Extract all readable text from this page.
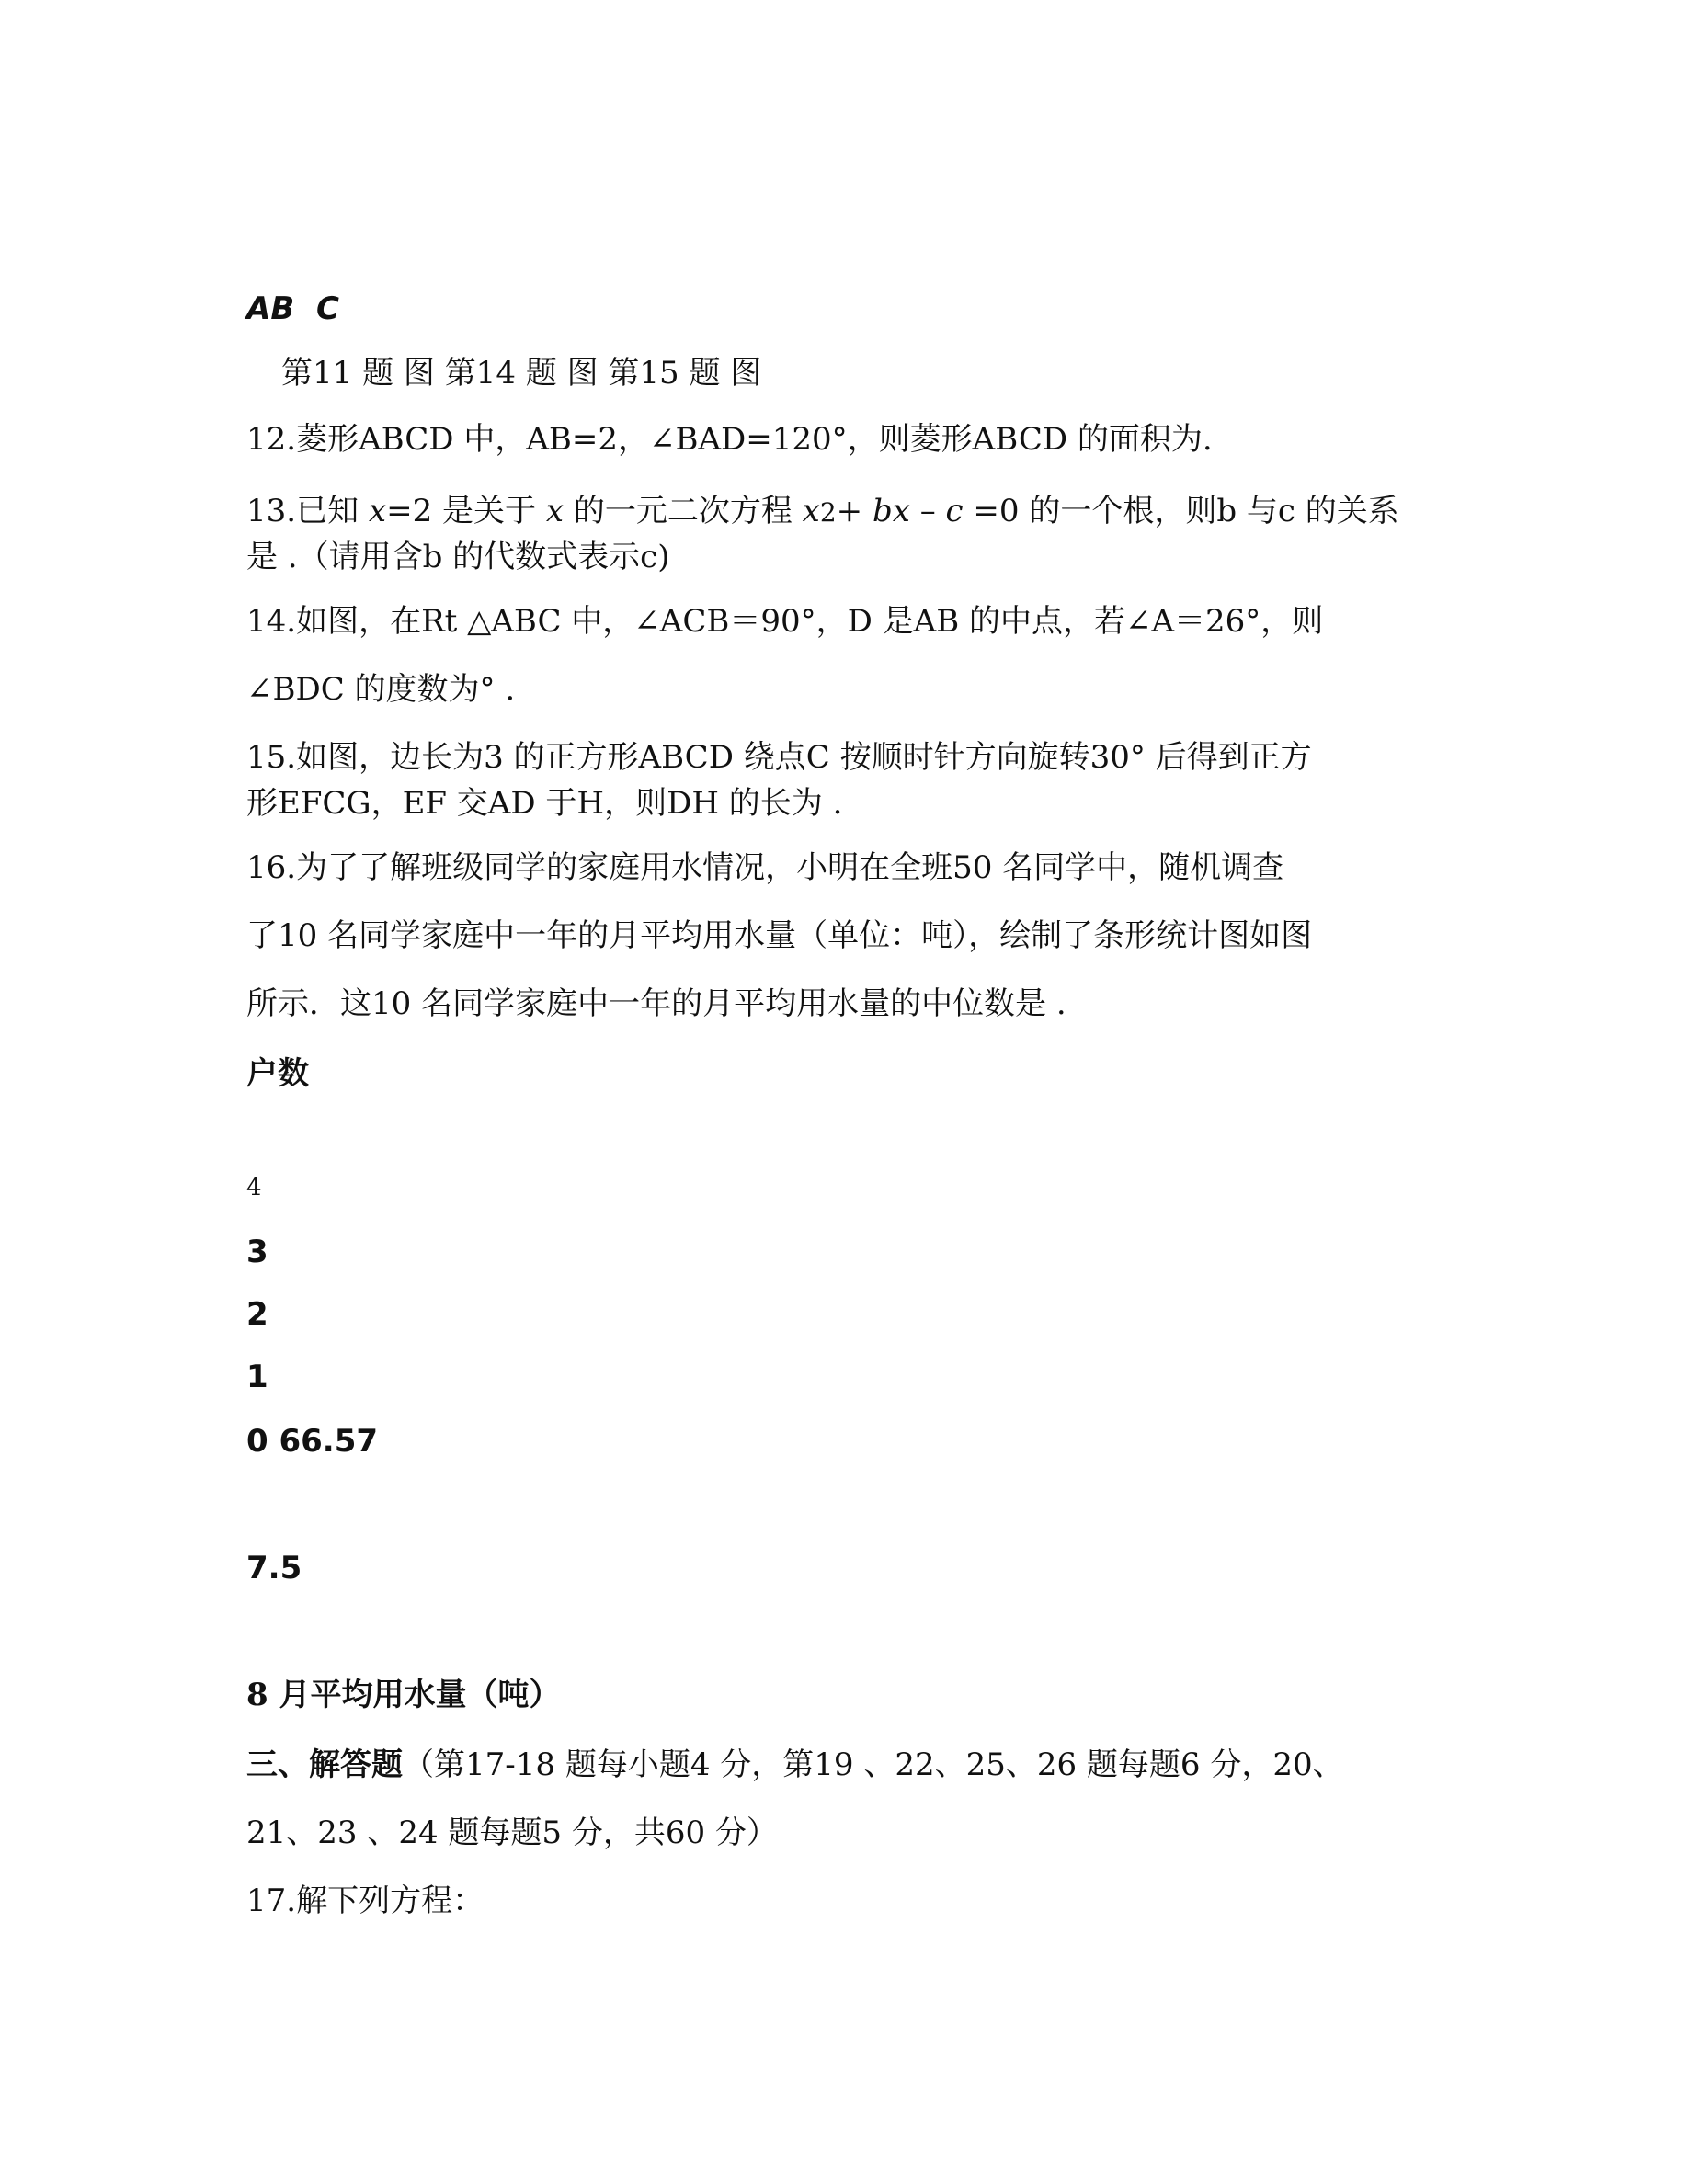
AB C
第11 题 图 第14 题 图 第15 题 图
12.菱形ABCD 中，AB=2，∠BAD=120°，则菱形ABCD 的面积为.
13.已知 x=2 是关于 x 的一元二次方程 x2+ bx – c =0 的一个根，则b 与c 的关系
是 .（请用含b 的代数式表示c)
14.如图，在Rt △ABC 中，∠ACB＝90°，D 是AB 的中点，若∠A＝26°，则
∠BDC 的度数为° .
15.如图，边长为3 的正方形ABCD 绕点C 按顺时针方向旋转30° 后得到正方
形EFCG，EF 交AD 于H，则DH 的长为 .
16.为了了解班级同学的家庭用水情况，小明在全班50 名同学中，随机调查
了10 名同学家庭中一年的月平均用水量（单位：吨），绘制了条形统计图如图
所示．这10 名同学家庭中一年的月平均用水量的中位数是 .
户数
4
3
2
1
0 66.57
7.5
8 月平均用水量（吨）
三、解答题（第17-18 题每小题4 分，第19 、22、25、26 题每题6 分，20、
21、23 、24 题每题5 分，共60 分）
17.解下列方程：
